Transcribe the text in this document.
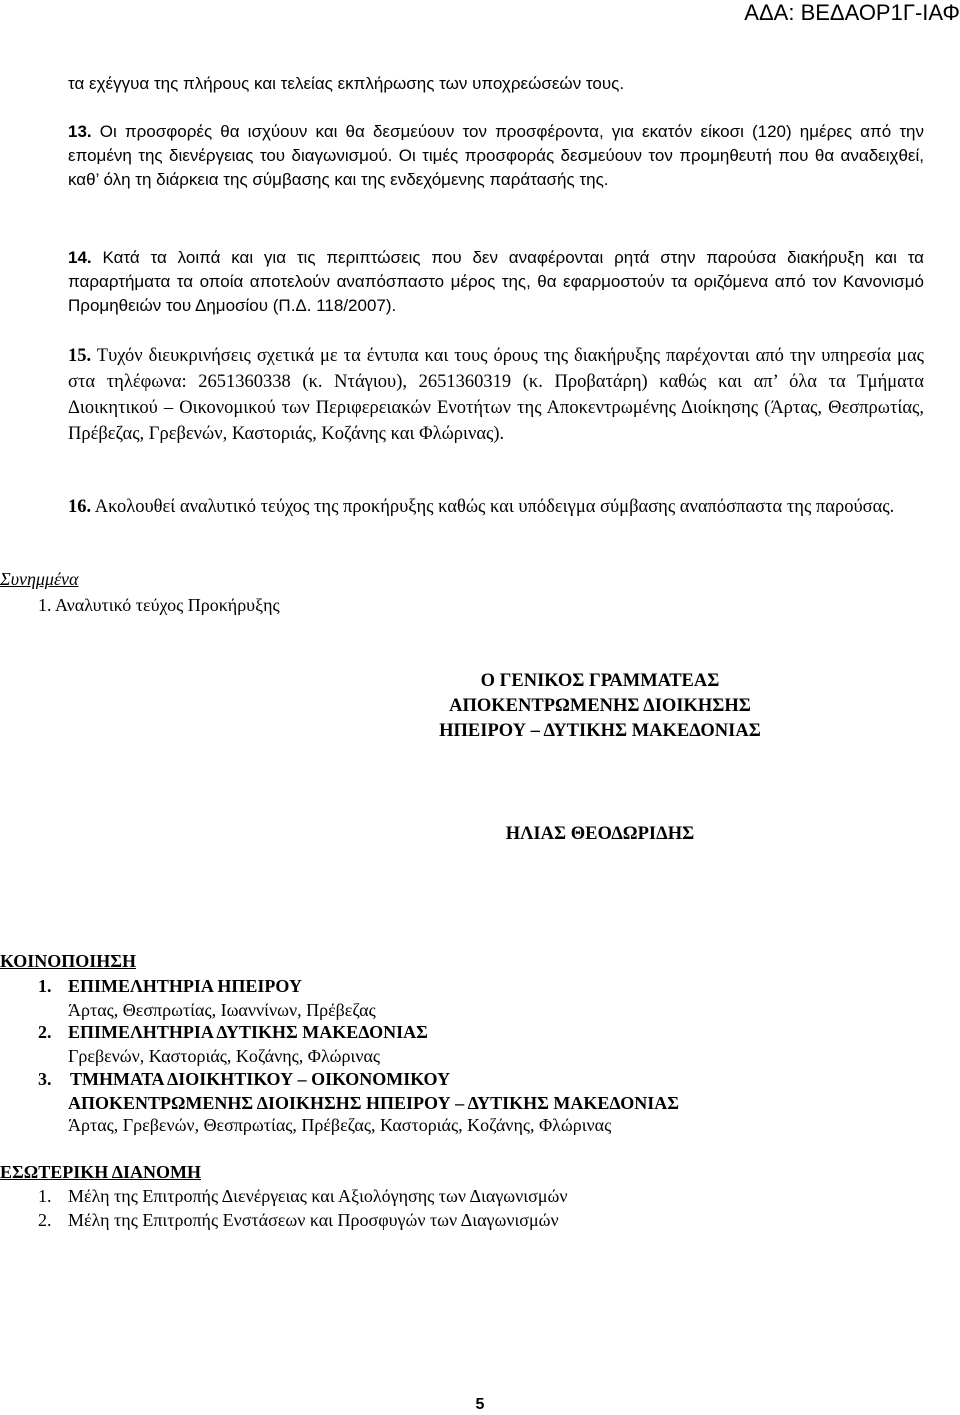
ΑΔΑ: ΒΕΔΑΟΡ1Γ-ΙΑΦ
τα εχέγγυα της πλήρους και τελείας εκπλήρωσης των υποχρεώσεών τους.
13. Οι προσφορές θα ισχύουν και θα δεσμεύουν τον προσφέροντα, για εκατόν είκοσι (120) ημέρες από την επομένη της διενέργειας του διαγωνισμού. Οι τιμές προσφοράς δεσμεύουν τον προμηθευτή που θα αναδειχθεί, καθ’ όλη τη διάρκεια της σύμβασης και της ενδεχόμενης παράτασής της.
14. Κατά τα λοιπά και για τις περιπτώσεις που δεν αναφέρονται ρητά στην παρούσα διακήρυξη και τα παραρτήματα τα οποία αποτελούν αναπόσπαστο μέρος της, θα εφαρμοστούν τα οριζόμενα από τον Κανονισμό Προμηθειών του Δημοσίου (Π.Δ. 118/2007).
15. Τυχόν διευκρινήσεις σχετικά με τα έντυπα και τους όρους της διακήρυξης παρέχονται από την υπηρεσία μας στα τηλέφωνα: 2651360338 (κ. Ντάγιου), 2651360319 (κ. Προβατάρη) καθώς και απ’ όλα τα Τμήματα Διοικητικού – Οικονομικού των Περιφερειακών Ενοτήτων της Αποκεντρωμένης Διοίκησης (Άρτας, Θεσπρωτίας, Πρέβεζας, Γρεβενών, Καστοριάς, Κοζάνης και Φλώρινας).
16. Ακολουθεί αναλυτικό τεύχος της προκήρυξης καθώς και υπόδειγμα σύμβασης αναπόσπαστα της παρούσας.
Συνημμένα
1. Αναλυτικό τεύχος Προκήρυξης
Ο ΓΕΝΙΚΟΣ ΓΡΑΜΜΑΤΕΑΣ
ΑΠΟΚΕΝΤΡΩΜΕΝΗΣ ΔΙΟΙΚΗΣΗΣ
ΗΠΕΙΡΟΥ – ΔΥΤΙΚΗΣ ΜΑΚΕΔΟΝΙΑΣ
ΗΛΙΑΣ ΘΕΟΔΩΡΙΔΗΣ
ΚΟΙΝΟΠΟΙΗΣΗ
1. ΕΠΙΜΕΛΗΤΗΡΙΑ ΗΠΕΙΡΟΥ
Άρτας, Θεσπρωτίας, Ιωαννίνων, Πρέβεζας
2. ΕΠΙΜΕΛΗΤΗΡΙΑ ΔΥΤΙΚΗΣ ΜΑΚΕΔΟΝΙΑΣ
Γρεβενών, Καστοριάς, Κοζάνης, Φλώρινας
3. ΤΜΗΜΑΤΑ ΔΙΟΙΚΗΤΙΚΟΥ – ΟΙΚΟΝΟΜΙΚΟΥ
ΑΠΟΚΕΝΤΡΩΜΕΝΗΣ ΔΙΟΙΚΗΣΗΣ ΗΠΕΙΡΟΥ – ΔΥΤΙΚΗΣ ΜΑΚΕΔΟΝΙΑΣ
Άρτας, Γρεβενών, Θεσπρωτίας, Πρέβεζας, Καστοριάς, Κοζάνης, Φλώρινας
ΕΣΩΤΕΡΙΚΗ ΔΙΑΝΟΜΗ
1. Μέλη της Επιτροπής Διενέργειας και Αξιολόγησης των Διαγωνισμών
2. Μέλη της Επιτροπής Ενστάσεων και Προσφυγών των Διαγωνισμών
5
